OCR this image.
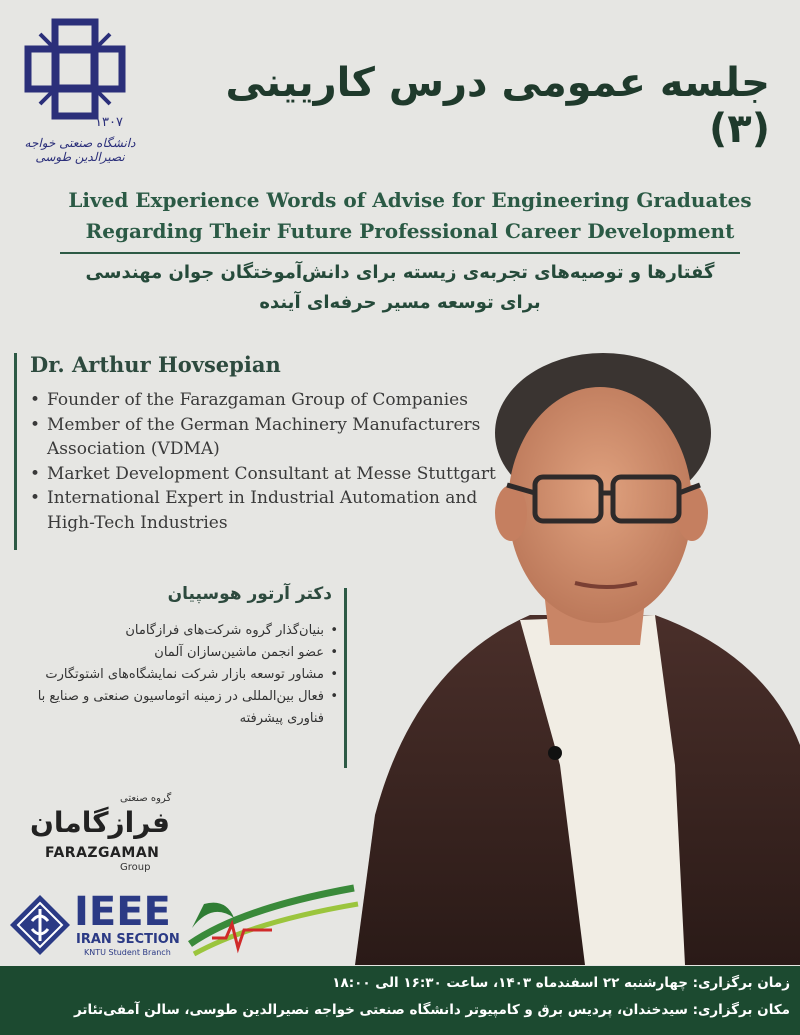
۱۳۰۷
دانشگاه صنعتی خواجه نصیرالدین طوسی
جلسه عمومی درس کاریینی (۳)
Lived Experience Words of Advise for Engineering Graduates
Regarding Their Future Professional Career Development
گفتارها و توصیه‌های تجربه‌ی زیسته برای دانش‌آموختگان جوان مهندسی
برای توسعه مسیر حرفه‌ای آینده
Dr. Arthur Hovsepian
• Founder of the Farazgaman Group of Companies
• Member of the German Machinery Manufacturers Association (VDMA)
• Market Development Consultant at Messe Stuttgart
• International Expert in Industrial Automation and High-Tech Industries
دکتر آرتور هوسپیان
• بنیان‌گذار گروه شرکت‌های فرازگامان
• عضو انجمن ماشین‌سازان آلمان
• مشاور توسعه بازار شرکت نمایشگاه‌های اشتوتگارت
• فعال بین‌المللی در زمینه اتوماسیون صنعتی و صنایع با فناوری پیشرفته
گروه صنعتی
فرازگامان
FARAZGAMAN
Group
IEEE
IRAN SECTION
KNTU Student Branch
زمان برگزاری: چهارشنبه ۲۲ اسفندماه ۱۴۰۳، ساعت ۱۶:۳۰ الی ۱۸:۰۰
مکان برگزاری: سیدخندان، پردیس برق و کامپیوتر دانشگاه صنعتی خواجه نصیرالدین طوسی، سالن آمفی‌تئاتر
